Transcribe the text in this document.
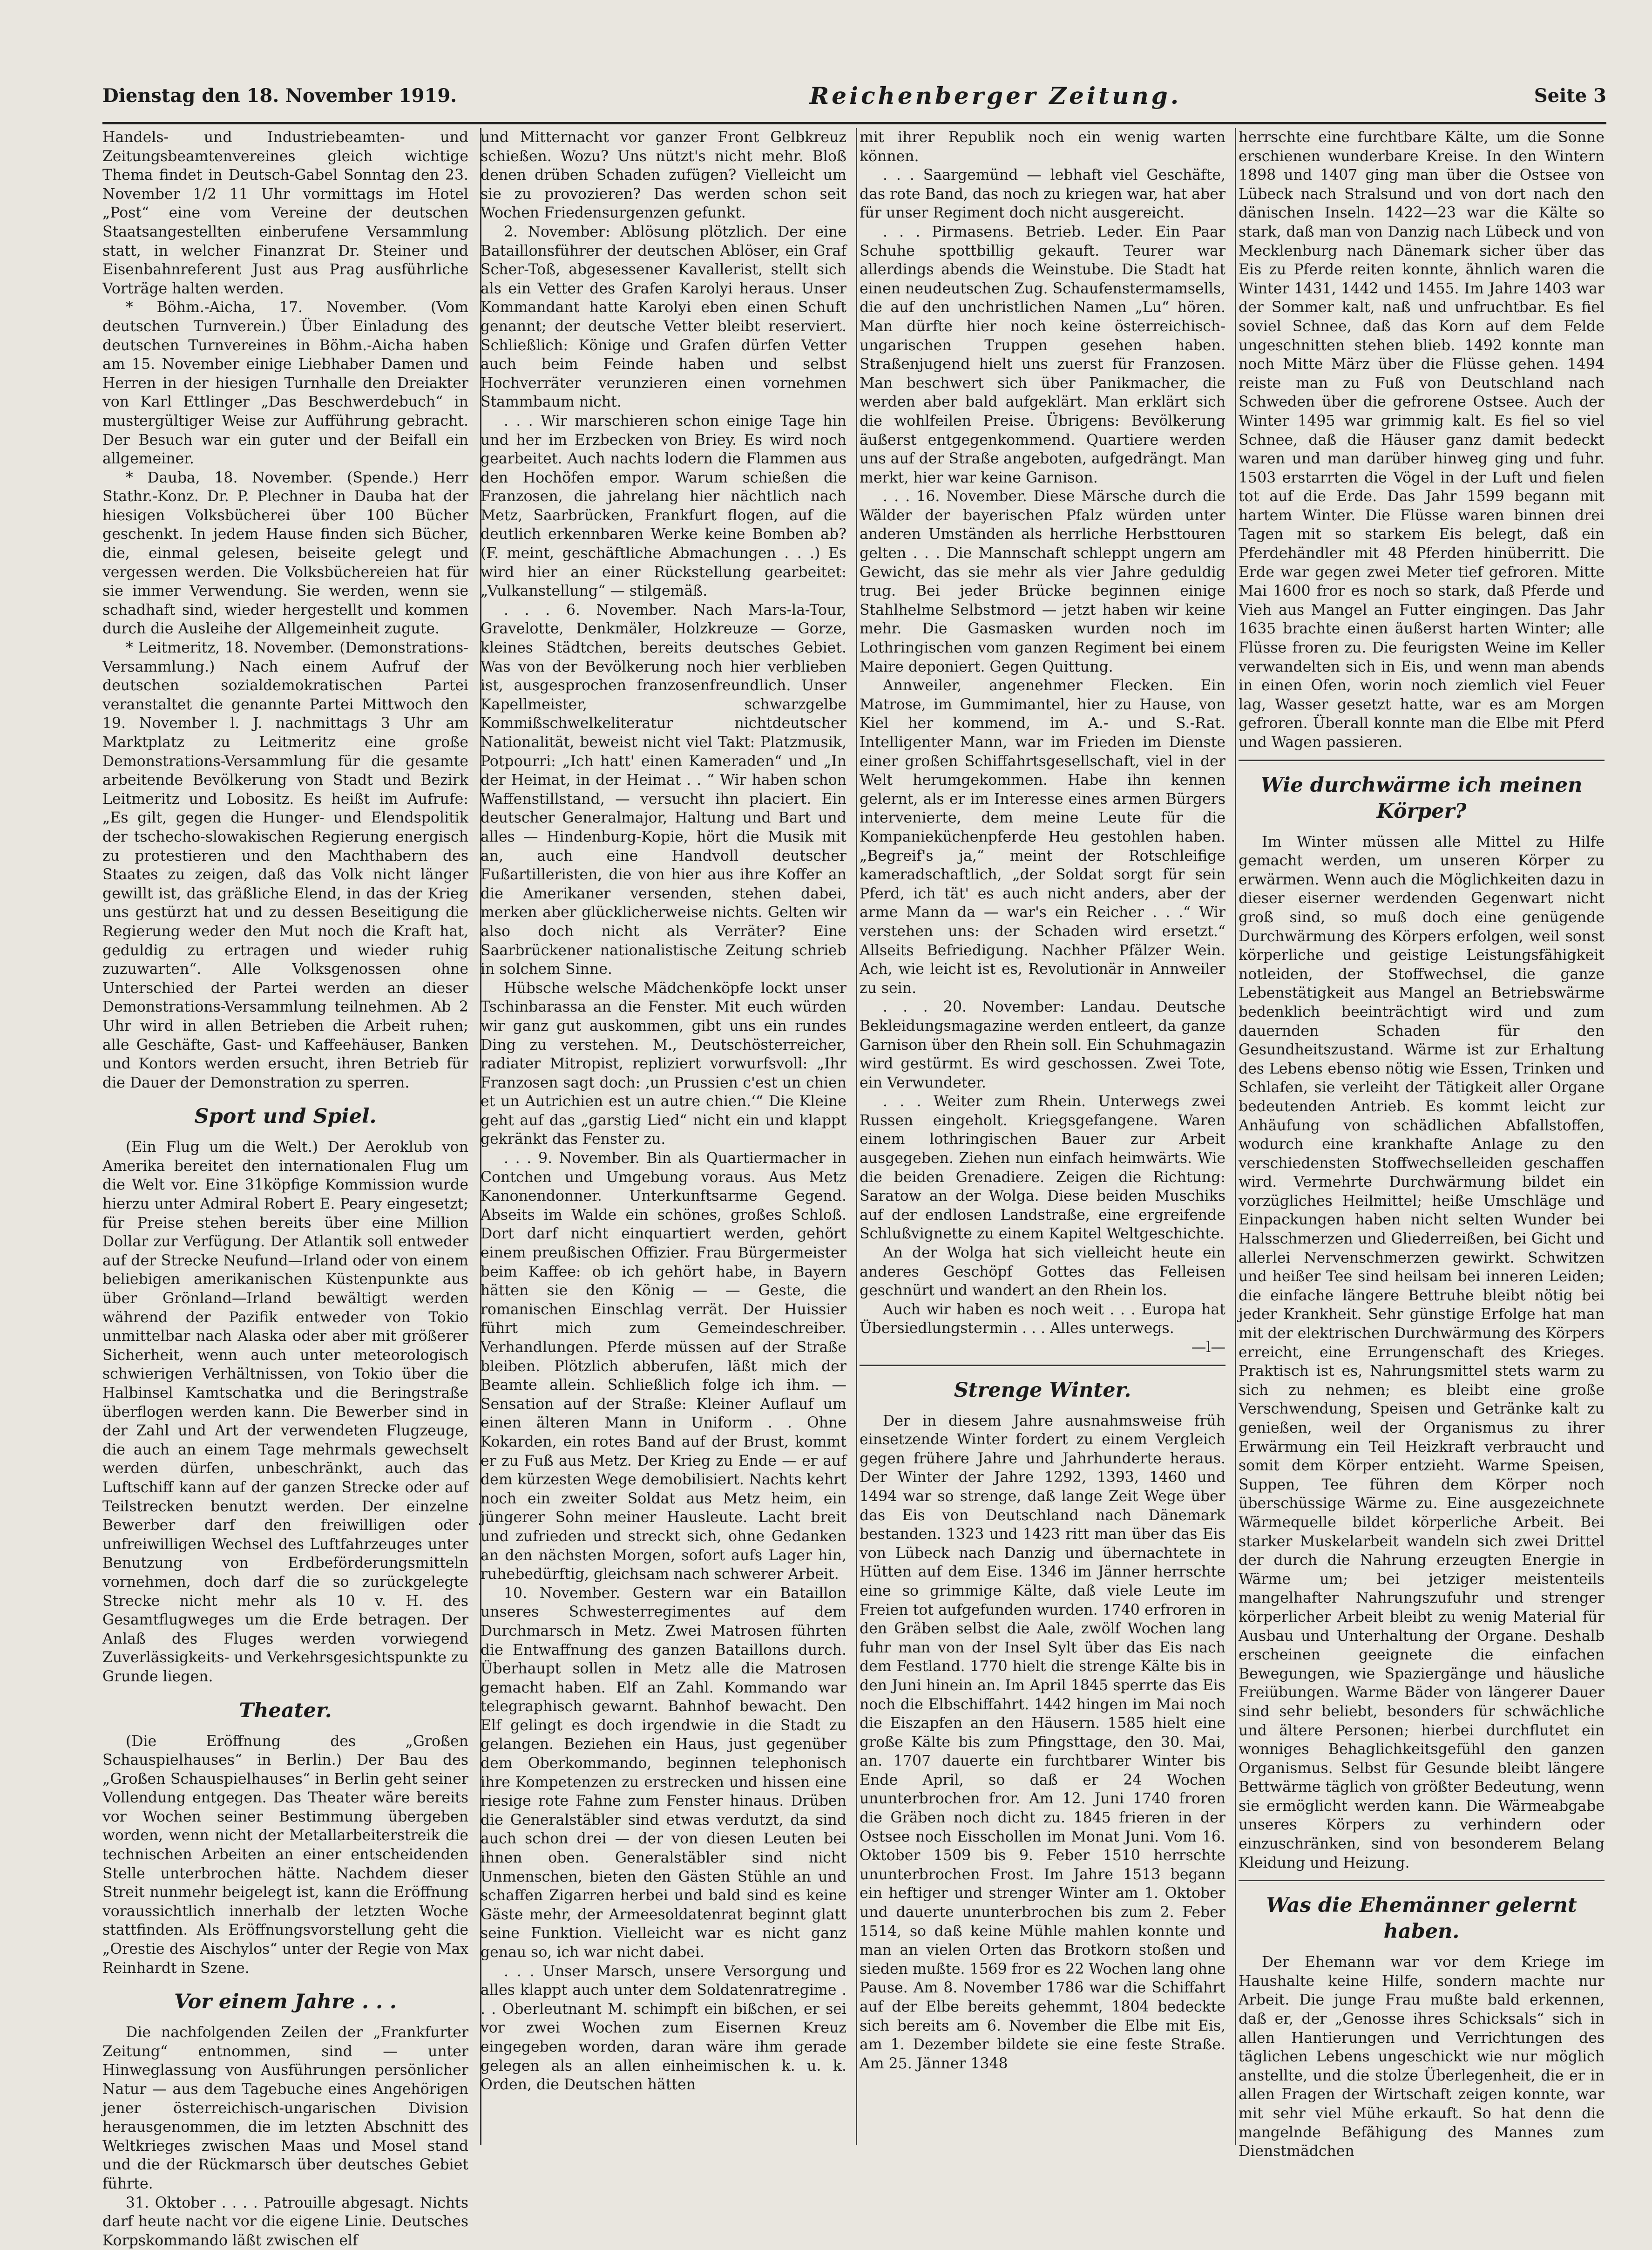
Dienstag den 18. November 1919.	Reichenberger Zeitung.	Seite 3

Handels- und Industriebeamten- und Zeitungsbeamtenvereines gleich wichtige Thema findet in Deutsch-Gabel Sonntag den 23. November 1/2 11 Uhr vormittags im Hotel „Post“ eine vom Vereine der deutschen Staatsangestellten einberufene Versammlung statt, in welcher Finanzrat Dr. Steiner und Eisenbahnreferent Just aus Prag ausführliche Vorträge halten werden.

* Böhm.-Aicha, 17. November. (Vom deutschen Turnverein.) Über Einladung des deutschen Turnvereines in Böhm.-Aicha haben am 15. November einige Liebhaber Damen und Herren in der hiesigen Turnhalle den Dreiakter von Karl Ettlinger „Das Beschwerdebuch“ in mustergültiger Weise zur Aufführung gebracht. Der Besuch war ein guter und der Beifall ein allgemeiner.

* Dauba, 18. November. (Spende.) Herr Stathr.-Konz. Dr. P. Plechner in Dauba hat der hiesigen Volksbücherei über 100 Bücher geschenkt. In jedem Hause finden sich Bücher, die, einmal gelesen, beiseite gelegt und vergessen werden. Die Volksbüchereien hat für sie immer Verwendung. Sie werden, wenn sie schadhaft sind, wieder hergestellt und kommen durch die Ausleihe der Allgemeinheit zugute.

* Leitmeritz, 18. November. (Demonstrations-Versammlung.) Nach einem Aufruf der deutschen sozialdemokratischen Partei veranstaltet die genannte Partei Mittwoch den 19. November l. J. nachmittags 3 Uhr am Marktplatz zu Leitmeritz eine große Demonstrations-Versammlung für die gesamte arbeitende Bevölkerung von Stadt und Bezirk Leitmeritz und Lobositz. Es heißt im Aufrufe: „Es gilt, gegen die Hunger- und Elendspolitik der tschecho-slowakischen Regierung energisch zu protestieren und den Machthabern des Staates zu zeigen, daß das Volk nicht länger gewillt ist, das gräßliche Elend, in das der Krieg uns gestürzt hat und zu dessen Beseitigung die Regierung weder den Mut noch die Kraft hat, geduldig zu ertragen und wieder ruhig zuzuwarten“. Alle Volksgenossen ohne Unterschied der Partei werden an dieser Demonstrations-Versammlung teilnehmen. Ab 2 Uhr wird in allen Betrieben die Arbeit ruhen; alle Geschäfte, Gast- und Kaffeehäuser, Banken und Kontors werden ersucht, ihren Betrieb für die Dauer der Demonstration zu sperren.

Sport und Spiel.

(Ein Flug um die Welt.) Der Aeroklub von Amerika bereitet den internationalen Flug um die Welt vor. Eine 31köpfige Kommission wurde hierzu unter Admiral Robert E. Peary eingesetzt; für Preise stehen bereits über eine Million Dollar zur Verfügung. Der Atlantik soll entweder auf der Strecke Neufund—Irland oder von einem beliebigen amerikanischen Küstenpunkte aus über Grönland—Irland bewältigt werden während der Pazifik entweder von Tokio unmittelbar nach Alaska oder aber mit größerer Sicherheit, wenn auch unter meteorologisch schwierigen Verhältnissen, von Tokio über die Halbinsel Kamtschatka und die Beringstraße überflogen werden kann. Die Bewerber sind in der Zahl und Art der verwendeten Flugzeuge, die auch an einem Tage mehrmals gewechselt werden dürfen, unbeschränkt, auch das Luftschiff kann auf der ganzen Strecke oder auf Teilstrecken benutzt werden. Der einzelne Bewerber darf den freiwilligen oder unfreiwilligen Wechsel des Luftfahrzeuges unter Benutzung von Erdbeförderungsmitteln vornehmen, doch darf die so zurückgelegte Strecke nicht mehr als 10 v. H. des Gesamtflugweges um die Erde betragen. Der Anlaß des Fluges werden vorwiegend Zuverlässigkeits- und Verkehrsgesichtspunkte zu Grunde liegen.

Theater.

(Die Eröffnung des „Großen Schauspielhauses“ in Berlin.) Der Bau des „Großen Schauspielhauses“ in Berlin geht seiner Vollendung entgegen. Das Theater wäre bereits vor Wochen seiner Bestimmung übergeben worden, wenn nicht der Metallarbeiterstreik die technischen Arbeiten an einer entscheidenden Stelle unterbrochen hätte. Nachdem dieser Streit nunmehr beigelegt ist, kann die Eröffnung voraussichtlich innerhalb der letzten Woche stattfinden. Als Eröffnungsvorstellung geht die „Orestie des Aischylos“ unter der Regie von Max Reinhardt in Szene.

Vor einem Jahre . . .

Die nachfolgenden Zeilen der „Frankfurter Zeitung“ entnommen, sind — unter Hinweglassung von Ausführungen persönlicher Natur — aus dem Tagebuche eines Angehörigen jener österreichisch-ungarischen Division herausgenommen, die im letzten Abschnitt des Weltkrieges zwischen Maas und Mosel stand und die der Rückmarsch über deutsches Gebiet führte.

31. Oktober . . . . Patrouille abgesagt. Nichts darf heute nacht vor die eigene Linie. Deutsches Korpskommando läßt zwischen elf

und Mitternacht vor ganzer Front Gelbkreuz schießen. Wozu? Uns nützt's nicht mehr. Bloß denen drüben Schaden zufügen? Vielleicht um sie zu provozieren? Das werden schon seit Wochen Friedensurgenzen gefunkt.

2. November: Ablösung plötzlich. Der eine Bataillonsführer der deutschen Ablöser, ein Graf Scher-Toß, abgesessener Kavallerist, stellt sich als ein Vetter des Grafen Karolyi heraus. Unser Kommandant hatte Karolyi eben einen Schuft genannt; der deutsche Vetter bleibt reserviert. Schließlich: Könige und Grafen dürfen Vetter auch beim Feinde haben und selbst Hochverräter verunzieren einen vornehmen Stammbaum nicht.

. . . Wir marschieren schon einige Tage hin und her im Erzbecken von Briey. Es wird noch gearbeitet. Auch nachts lodern die Flammen aus den Hochöfen empor. Warum schießen die Franzosen, die jahrelang hier nächtlich nach Metz, Saarbrücken, Frankfurt flogen, auf die deutlich erkennbaren Werke keine Bomben ab? (F. meint, geschäftliche Abmachungen . . .) Es wird hier an einer Rückstellung gearbeitet: „Vulkanstellung“ — stilgemäß.

. . . 6. November. Nach Mars-la-Tour, Gravelotte, Denkmäler, Holzkreuze — Gorze, kleines Städtchen, bereits deutsches Gebiet. Was von der Bevölkerung noch hier verblieben ist, ausgesprochen franzosenfreundlich. Unser Kapellmeister, schwarzgelbe Kommißschwelkeliteratur nichtdeutscher Nationalität, beweist nicht viel Takt: Platzmusik, Potpourri: „Ich hatt' einen Kameraden“ und „In der Heimat, in der Heimat . . “ Wir haben schon Waffenstillstand, — versucht ihn placiert. Ein deutscher Generalmajor, Haltung und Bart und alles — Hindenburg-Kopie, hört die Musik mit an, auch eine Handvoll deutscher Fußartilleristen, die von hier aus ihre Koffer an die Amerikaner versenden, stehen dabei, merken aber glücklicherweise nichts. Gelten wir also doch nicht als Verräter? Eine Saarbrückener nationalistische Zeitung schrieb in solchem Sinne.

Hübsche welsche Mädchenköpfe lockt unser Tschinbarassa an die Fenster. Mit euch würden wir ganz gut auskommen, gibt uns ein rundes Ding zu verstehen. M., Deutschösterreicher, radiater Mitropist, repliziert vorwurfsvoll: „Ihr Franzosen sagt doch: ‚un Prussien c'est un chien et un Autrichien est un autre chien.‘“ Die Kleine geht auf das „garstig Lied“ nicht ein und klappt gekränkt das Fenster zu.

. . . 9. November. Bin als Quartiermacher in Contchen und Umgebung voraus. Aus Metz Kanonendonner. Unterkunftsarme Gegend. Abseits im Walde ein schönes, großes Schloß. Dort darf nicht einquartiert werden, gehört einem preußischen Offizier. Frau Bürgermeister beim Kaffee: ob ich gehört habe, in Bayern hätten sie den König — — Geste, die romanischen Einschlag verrät. Der Huissier führt mich zum Gemeindeschreiber. Verhandlungen. Pferde müssen auf der Straße bleiben. Plötzlich abberufen, läßt mich der Beamte allein. Schließlich folge ich ihm. — Sensation auf der Straße: Kleiner Auflauf um einen älteren Mann in Uniform . . Ohne Kokarden, ein rotes Band auf der Brust, kommt er zu Fuß aus Metz. Der Krieg zu Ende — er auf dem kürzesten Wege demobilisiert. Nachts kehrt noch ein zweiter Soldat aus Metz heim, ein jüngerer Sohn meiner Hausleute. Lacht breit und zufrieden und streckt sich, ohne Gedanken an den nächsten Morgen, sofort aufs Lager hin, ruhebedürftig, gleichsam nach schwerer Arbeit.

10. November. Gestern war ein Bataillon unseres Schwesterregimentes auf dem Durchmarsch in Metz. Zwei Matrosen führten die Entwaffnung des ganzen Bataillons durch. Überhaupt sollen in Metz alle die Matrosen gemacht haben. Elf an Zahl. Kommando war telegraphisch gewarnt. Bahnhof bewacht. Den Elf gelingt es doch irgendwie in die Stadt zu gelangen. Beziehen ein Haus, just gegenüber dem Oberkommando, beginnen telephonisch ihre Kompetenzen zu erstrecken und hissen eine riesige rote Fahne zum Fenster hinaus. Drüben die Generalstäbler sind etwas verdutzt, da sind auch schon drei — der von diesen Leuten bei ihnen oben. Generalstäbler sind nicht Unmenschen, bieten den Gästen Stühle an und schaffen Zigarren herbei und bald sind es keine Gäste mehr, der Armeesoldatenrat beginnt glatt seine Funktion. Vielleicht war es nicht ganz genau so, ich war nicht dabei.

. . . Unser Marsch, unsere Versorgung und alles klappt auch unter dem Soldatenratregime . . . Oberleutnant M. schimpft ein bißchen, er sei vor zwei Wochen zum Eisernen Kreuz eingegeben worden, daran wäre ihm gerade gelegen als an allen einheimischen k. u. k. Orden, die Deutschen hätten

mit ihrer Republik noch ein wenig warten können.

. . . Saargemünd — lebhaft viel Geschäfte, das rote Band, das noch zu kriegen war, hat aber für unser Regiment doch nicht ausgereicht.

. . . Pirmasens. Betrieb. Leder. Ein Paar Schuhe spottbillig gekauft. Teurer war allerdings abends die Weinstube. Die Stadt hat einen neudeutschen Zug. Schaufenstermamsells, die auf den unchristlichen Namen „Lu“ hören. Man dürfte hier noch keine österreichisch-ungarischen Truppen gesehen haben. Straßenjugend hielt uns zuerst für Franzosen. Man beschwert sich über Panikmacher, die werden aber bald aufgeklärt. Man erklärt sich die wohlfeilen Preise. Übrigens: Bevölkerung äußerst entgegenkommend. Quartiere werden uns auf der Straße angeboten, aufgedrängt. Man merkt, hier war keine Garnison.

. . . 16. November. Diese Märsche durch die Wälder der bayerischen Pfalz würden unter anderen Umständen als herrliche Herbsttouren gelten . . . Die Mannschaft schleppt ungern am Gewicht, das sie mehr als vier Jahre geduldig trug. Bei jeder Brücke beginnen einige Stahlhelme Selbstmord — jetzt haben wir keine mehr. Die Gasmasken wurden noch im Lothringischen vom ganzen Regiment bei einem Maire deponiert. Gegen Quittung.

Annweiler, angenehmer Flecken. Ein Matrose, im Gummimantel, hier zu Hause, von Kiel her kommend, im A.- und S.-Rat. Intelligenter Mann, war im Frieden im Dienste einer großen Schiffahrtsgesellschaft, viel in der Welt herumgekommen. Habe ihn kennen gelernt, als er im Interesse eines armen Bürgers intervenierte, dem meine Leute für die Kompanieküchenpferde Heu gestohlen haben. „Begreif's ja,“ meint der Rotschleifige kameradschaftlich, „der Soldat sorgt für sein Pferd, ich tät' es auch nicht anders, aber der arme Mann da — war's ein Reicher . . .“ Wir verstehen uns: der Schaden wird ersetzt.“ Allseits Befriedigung. Nachher Pfälzer Wein. Ach, wie leicht ist es, Revolutionär in Annweiler zu sein.

. . . 20. November: Landau. Deutsche Bekleidungsmagazine werden entleert, da ganze Garnison über den Rhein soll. Ein Schuhmagazin wird gestürmt. Es wird geschossen. Zwei Tote, ein Verwundeter.

. . . Weiter zum Rhein. Unterwegs zwei Russen eingeholt. Kriegsgefangene. Waren einem lothringischen Bauer zur Arbeit ausgegeben. Ziehen nun einfach heimwärts. Wie die beiden Grenadiere. Zeigen die Richtung: Saratow an der Wolga. Diese beiden Muschiks auf der endlosen Landstraße, eine ergreifende Schlußvignette zu einem Kapitel Weltgeschichte.

An der Wolga hat sich vielleicht heute ein anderes Geschöpf Gottes das Felleisen geschnürt und wandert an den Rhein los.

Auch wir haben es noch weit . . . Europa hat Übersiedlungstermin . . . Alles unterwegs.

—l—

Strenge Winter.

Der in diesem Jahre ausnahmsweise früh einsetzende Winter fordert zu einem Vergleich gegen frühere Jahre und Jahrhunderte heraus. Der Winter der Jahre 1292, 1393, 1460 und 1494 war so strenge, daß lange Zeit Wege über das Eis von Deutschland nach Dänemark bestanden. 1323 und 1423 ritt man über das Eis von Lübeck nach Danzig und übernachtete in Hütten auf dem Eise. 1346 im Jänner herrschte eine so grimmige Kälte, daß viele Leute im Freien tot aufgefunden wurden. 1740 erfroren in den Gräben selbst die Aale, zwölf Wochen lang fuhr man von der Insel Sylt über das Eis nach dem Festland. 1770 hielt die strenge Kälte bis in den Juni hinein an. Im April 1845 sperrte das Eis noch die Elbschiffahrt. 1442 hingen im Mai noch die Eiszapfen an den Häusern. 1585 hielt eine große Kälte bis zum Pfingsttage, den 30. Mai, an. 1707 dauerte ein furchtbarer Winter bis Ende April, so daß er 24 Wochen ununterbrochen fror. Am 12. Juni 1740 froren die Gräben noch dicht zu. 1845 frieren in der Ostsee noch Eisschollen im Monat Juni. Vom 16. Oktober 1509 bis 9. Feber 1510 herrschte ununterbrochen Frost. Im Jahre 1513 begann ein heftiger und strenger Winter am 1. Oktober und dauerte ununterbrochen bis zum 2. Feber 1514, so daß keine Mühle mahlen konnte und man an vielen Orten das Brotkorn stoßen und sieden mußte. 1569 fror es 22 Wochen lang ohne Pause. Am 8. November 1786 war die Schiffahrt auf der Elbe bereits gehemmt, 1804 bedeckte sich bereits am 6. November die Elbe mit Eis, am 1. Dezember bildete sie eine feste Straße. Am 25. Jänner 1348

herrschte eine furchtbare Kälte, um die Sonne erschienen wunderbare Kreise. In den Wintern 1898 und 1407 ging man über die Ostsee von Lübeck nach Stralsund und von dort nach den dänischen Inseln. 1422—23 war die Kälte so stark, daß man von Danzig nach Lübeck und von Mecklenburg nach Dänemark sicher über das Eis zu Pferde reiten konnte, ähnlich waren die Winter 1431, 1442 und 1455. Im Jahre 1403 war der Sommer kalt, naß und unfruchtbar. Es fiel soviel Schnee, daß das Korn auf dem Felde ungeschnitten stehen blieb. 1492 konnte man noch Mitte März über die Flüsse gehen. 1494 reiste man zu Fuß von Deutschland nach Schweden über die gefrorene Ostsee. Auch der Winter 1495 war grimmig kalt. Es fiel so viel Schnee, daß die Häuser ganz damit bedeckt waren und man darüber hinweg ging und fuhr. 1503 erstarrten die Vögel in der Luft und fielen tot auf die Erde. Das Jahr 1599 begann mit hartem Winter. Die Flüsse waren binnen drei Tagen mit so starkem Eis belegt, daß ein Pferdehändler mit 48 Pferden hinüberritt. Die Erde war gegen zwei Meter tief gefroren. Mitte Mai 1600 fror es noch so stark, daß Pferde und Vieh aus Mangel an Futter eingingen. Das Jahr 1635 brachte einen äußerst harten Winter; alle Flüsse froren zu. Die feurigsten Weine im Keller verwandelten sich in Eis, und wenn man abends in einen Ofen, worin noch ziemlich viel Feuer lag, Wasser gesetzt hatte, war es am Morgen gefroren. Überall konnte man die Elbe mit Pferd und Wagen passieren.

Wie durchwärme ich meinen Körper?

Im Winter müssen alle Mittel zu Hilfe gemacht werden, um unseren Körper zu erwärmen. Wenn auch die Möglichkeiten dazu in dieser eiserner werdenden Gegenwart nicht groß sind, so muß doch eine genügende Durchwärmung des Körpers erfolgen, weil sonst körperliche und geistige Leistungsfähigkeit notleiden, der Stoffwechsel, die ganze Lebenstätigkeit aus Mangel an Betriebswärme bedenklich beeinträchtigt wird und zum dauernden Schaden für den Gesundheitszustand. Wärme ist zur Erhaltung des Lebens ebenso nötig wie Essen, Trinken und Schlafen, sie verleiht der Tätigkeit aller Organe bedeutenden Antrieb. Es kommt leicht zur Anhäufung von schädlichen Abfallstoffen, wodurch eine krankhafte Anlage zu den verschiedensten Stoffwechselleiden geschaffen wird. Vermehrte Durchwärmung bildet ein vorzügliches Heilmittel; heiße Umschläge und Einpackungen haben nicht selten Wunder bei Halsschmerzen und Gliederreißen, bei Gicht und allerlei Nervenschmerzen gewirkt. Schwitzen und heißer Tee sind heilsam bei inneren Leiden; die einfache längere Bettruhe bleibt nötig bei jeder Krankheit. Sehr günstige Erfolge hat man mit der elektrischen Durchwärmung des Körpers erreicht, eine Errungenschaft des Krieges. Praktisch ist es, Nahrungsmittel stets warm zu sich zu nehmen; es bleibt eine große Verschwendung, Speisen und Getränke kalt zu genießen, weil der Organismus zu ihrer Erwärmung ein Teil Heizkraft verbraucht und somit dem Körper entzieht. Warme Speisen, Suppen, Tee führen dem Körper noch überschüssige Wärme zu. Eine ausgezeichnete Wärmequelle bildet körperliche Arbeit. Bei starker Muskelarbeit wandeln sich zwei Drittel der durch die Nahrung erzeugten Energie in Wärme um; bei jetziger meistenteils mangelhafter Nahrungszufuhr und strenger körperlicher Arbeit bleibt zu wenig Material für Ausbau und Unterhaltung der Organe. Deshalb erscheinen geeignete die einfachen Bewegungen, wie Spaziergänge und häusliche Freiübungen. Warme Bäder von längerer Dauer sind sehr beliebt, besonders für schwächliche und ältere Personen; hierbei durchflutet ein wonniges Behaglichkeitsgefühl den ganzen Organismus. Selbst für Gesunde bleibt längere Bettwärme täglich von größter Bedeutung, wenn sie ermöglicht werden kann. Die Wärmeabgabe unseres Körpers zu verhindern oder einzuschränken, sind von besonderem Belang Kleidung und Heizung.

Was die Ehemänner gelernt haben.

Der Ehemann war vor dem Kriege im Haushalte keine Hilfe, sondern machte nur Arbeit. Die junge Frau mußte bald erkennen, daß er, der „Genosse ihres Schicksals“ sich in allen Hantierungen und Verrichtungen des täglichen Lebens ungeschickt wie nur möglich anstellte, und die stolze Überlegenheit, die er in allen Fragen der Wirtschaft zeigen konnte, war mit sehr viel Mühe erkauft. So hat denn die mangelnde Befähigung des Mannes zum Dienstmädchen
